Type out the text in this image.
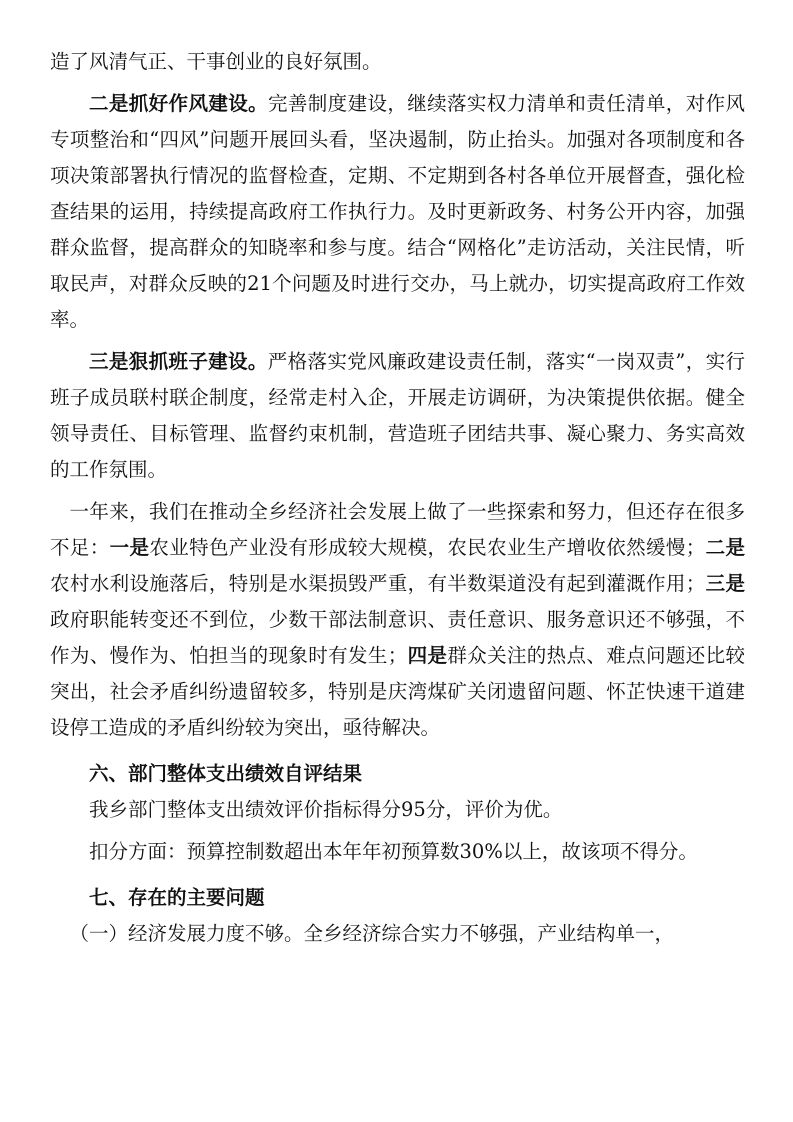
造了风清气正、干事创业的良好氛围。

二是抓好作风建设。完善制度建设，继续落实权力清单和责任清单，对作风专项整治和“四风”问题开展回头看，坚决遏制，防止抬头。加强对各项制度和各项决策部署执行情况的监督检查，定期、不定期到各村各单位开展督查，强化检查结果的运用，持续提高政府工作执行力。及时更新政务、村务公开内容，加强群众监督，提高群众的知晓率和参与度。结合“网格化”走访活动，关注民情，听取民声，对群众反映的21个问题及时进行交办，马上就办，切实提高政府工作效率。

三是狠抓班子建设。严格落实党风廉政建设责任制，落实“一岗双责”，实行班子成员联村联企制度，经常走村入企，开展走访调研，为决策提供依据。健全领导责任、目标管理、监督约束机制，营造班子团结共事、凝心聚力、务实高效的工作氛围。

一年来，我们在推动全乡经济社会发展上做了一些探索和努力，但还存在很多不足：一是农业特色产业没有形成较大规模，农民农业生产增收依然缓慢；二是农村水利设施落后，特别是水渠损毁严重，有半数渠道没有起到灌溉作用；三是政府职能转变还不到位，少数干部法制意识、责任意识、服务意识还不够强，不作为、慢作为、怕担当的现象时有发生；四是群众关注的热点、难点问题还比较突出，社会矛盾纠纷遗留较多，特别是庆湾煤矿关闭遗留问题、怀芷快速干道建设停工造成的矛盾纠纷较为突出，亟待解决。

六、部门整体支出绩效自评结果

我乡部门整体支出绩效评价指标得分95分，评价为优。

扣分方面：预算控制数超出本年年初预算数30%以上，故该项不得分。

七、存在的主要问题

（一）经济发展力度不够。全乡经济综合实力不够强，产业结构单一，
